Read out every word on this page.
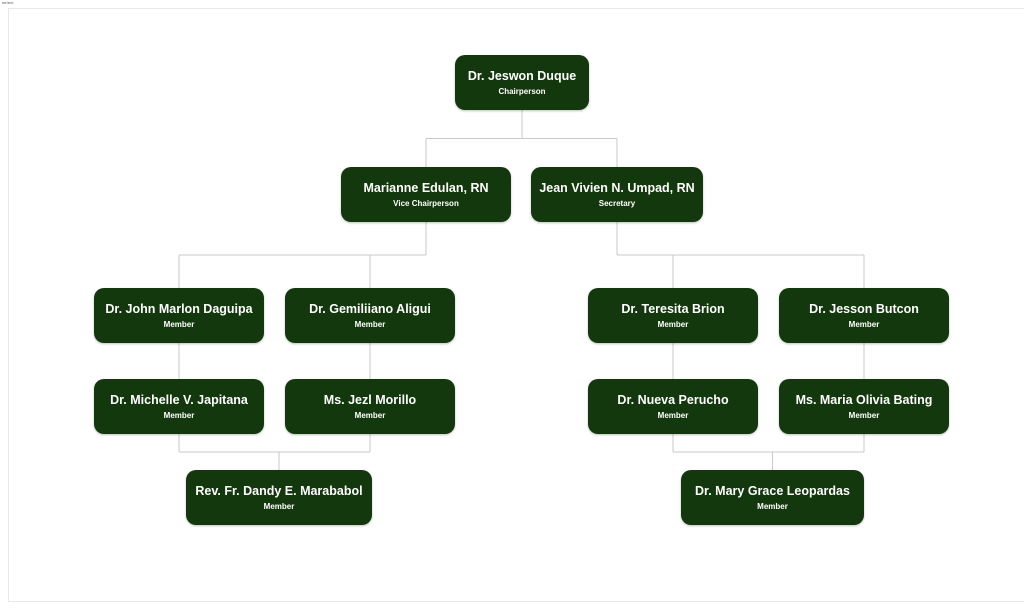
select
Dr. Jeswon Duque
Chairperson
Marianne Edulan, RN
Vice Chairperson
Jean Vivien N. Umpad, RN
Secretary
Dr. John Marlon Daguipa
Member
Dr. Gemiliiano Aligui
Member
Dr. Teresita Brion
Member
Dr. Jesson Butcon
Member
Dr. Michelle V. Japitana
Member
Ms. Jezl Morillo
Member
Dr. Nueva Perucho
Member
Ms. Maria Olivia Bating
Member
Rev. Fr. Dandy E. Marababol
Member
Dr. Mary Grace Leopardas
Member
